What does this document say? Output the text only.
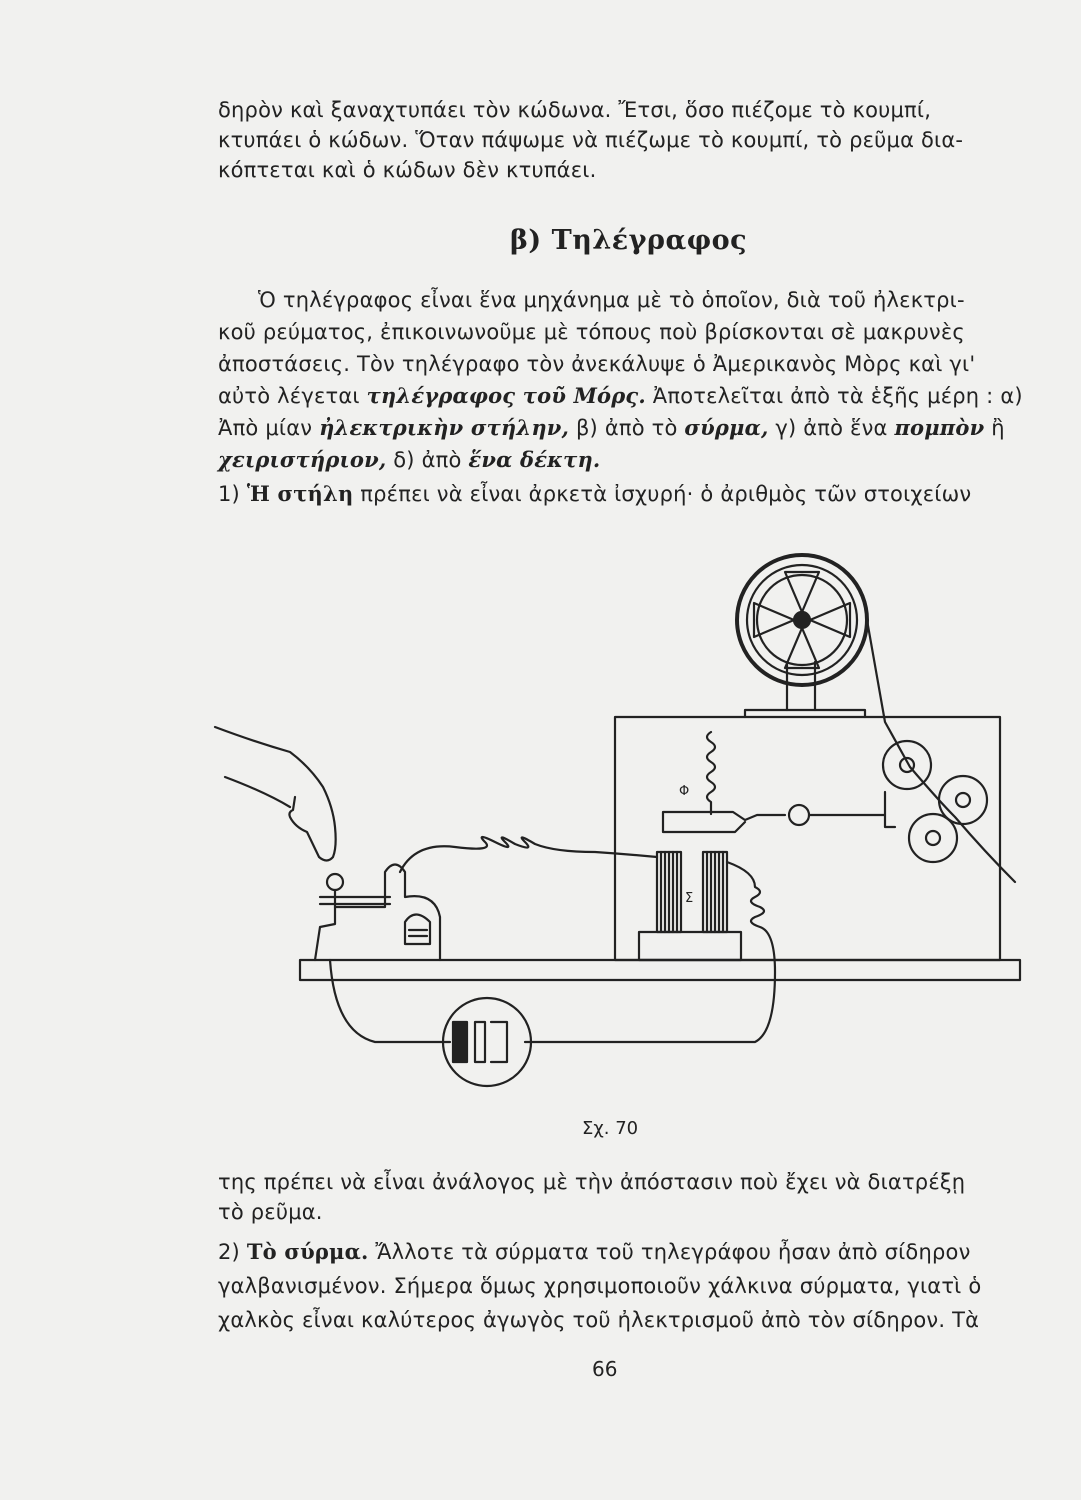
δηρὸν καὶ ξαναχτυπάει τὸν κώδωνα. Ἔτσι, ὅσο πιέζομε τὸ κουμπί,
κτυπάει ὁ κώδων. Ὅταν πάψωμε νὰ πιέζωμε τὸ κουμπί, τὸ ρεῦμα δια-
κόπτεται καὶ ὁ κώδων δὲν κτυπάει.
β) Τηλέγραφος
Ὁ τηλέγραφος εἶναι ἕνα μηχάνημα μὲ τὸ ὁποῖον, διὰ τοῦ ἠλεκτρι-
κοῦ ρεύματος, ἐπικοινωνοῦμε μὲ τόπους ποὺ βρίσκονται σὲ μακρυνὲς
ἀποστάσεις. Τὸν τηλέγραφο τὸν ἀνεκάλυψε ὁ Ἀμερικανὸς Μὸρς καὶ γι'
αὐτὸ λέγεται τηλέγραφος τοῦ Μόρς. Ἀποτελεῖται ἀπὸ τὰ ἑξῆς μέρη : α)
Ἀπὸ μίαν ἠλεκτρικὴν στήλην, β) ἀπὸ τὸ σύρμα, γ) ἀπὸ ἕνα πομπὸν ἢ
χειριστήριον, δ) ἀπὸ ἕνα δέκτη.
1) Ἡ στήλη πρέπει νὰ εἶναι ἀρκετὰ ἰσχυρή· ὁ ἀριθμὸς τῶν στοιχείων
Φ
Σ
Σχ. 70
της πρέπει νὰ εἶναι ἀνάλογος μὲ τὴν ἀπόστασιν ποὺ ἔχει νὰ διατρέξῃ
τὸ ρεῦμα.
2) Τὸ σύρμα. Ἄλλοτε τὰ σύρματα τοῦ τηλεγράφου ἦσαν ἀπὸ σίδηρον
γαλβανισμένον. Σήμερα ὅμως χρησιμοποιοῦν χάλκινα σύρματα, γιατὶ ὁ
χαλκὸς εἶναι καλύτερος ἀγωγὸς τοῦ ἠλεκτρισμοῦ ἀπὸ τὸν σίδηρον. Τὰ
66
